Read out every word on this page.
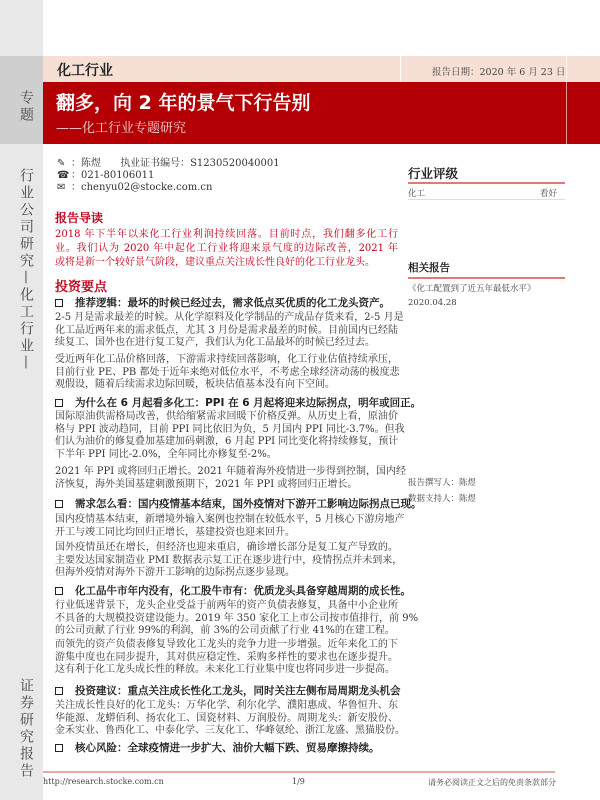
专题
行业公司研究—化工行业—
证券研究报告
化工行业	报告日期：2020 年 6 月 23 日
翻多，向 2 年的景气下行告别
——化工行业专题研究
✎ ：陈煜      执业证书编号：S1230520040001
☎ ：021-80106011
✉ ：chenyu02@stocke.com.cn
行业评级
化工	看好
相关报告
《化工配置到了近五年最低水平》
2020.04.28
报告撰写人：陈煜
数据支持人：陈煜
报告导读
投资要点
2018 年下半年以来化工行业利润持续回落。目前时点，我们翻多化工行
业。我们认为 2020 年中起化工行业将迎来景气度的边际改善，2021 年
或将是新一个较好景气阶段，建议重点关注成长性良好的化工行业龙头。
推荐逻辑：最坏的时候已经过去，需求低点买优质的化工龙头资产。
2-5 月是需求最差的时候。从化学原料及化学制品的产成品存货来看，2-5 月是
化工品近两年来的需求低点，尤其 3 月份是需求最差的时候。目前国内已经陆
续复工、国外也在进行复工复产，我们认为化工品最坏的时候已经过去。
受近两年化工品价格回落，下游需求持续回落影响，化工行业估值持续承压，
目前行业 PE、PB 都处于近年来绝对低位水平，不考虑全球经济动荡的极度悲
观假设，随着后续需求边际回暖，板块估值基本没有向下空间。
为什么在 6 月起看多化工：PPI 在 6 月起将迎来边际拐点，明年或回正。
国际原油供需格局改善，供给缩紧需求回暖下价格反弹。从历史上看，原油价
格与 PPI 波动趋同，目前 PPI 同比依旧为负，5 月国内 PPI 同比-3.7%。但我
们认为油价的修复叠加基建加码刺激，6 月起 PPI 同比变化将持续修复，预计
下半年 PPI 同比-2.0%，全年同比亦修复至-2%。
2021 年 PPI 或将回归正增长。2021 年随着海外疫情进一步得到控制，国内经
济恢复，海外美国基建刺激预期下，2021 年 PPI 或将回归正增长。
需求怎么看：国内疫情基本结束，国外疫情对下游开工影响边际拐点已现。
国内疫情基本结束，新增境外输入案例也控制在较低水平，5 月核心下游房地产
开工与竣工同比均回归正增长，基建投资也迎来回升。
国外疫情虽还在增长，但经济也迎来重启，确诊增长部分是复工复产导致的。
主要发达国家制造业 PMI 数据表示复工正在逐步进行中，疫情拐点并未到来，
但海外疫情对海外下游开工影响的边际拐点逐步显现。
化工品牛市年内没有，化工股牛市有：优质龙头具备穿越周期的成长性。
行业低迷背景下，龙头企业受益于前两年的资产负债表修复，具备中小企业所
不具备的大规模投资建设能力。2019 年 350 家化工上市公司按市值排行，前 9%
的公司贡献了行业 99%的利润，前 3%的公司贡献了行业 41%的在建工程。
而领先的资产负债表修复导致化工龙头的竞争力进一步增强。近年来化工的下
游集中度也在同步提升，其对供应稳定性、采购多样性的要求也在逐步提升。
这有利于化工龙头成长性的释放。未来化工行业集中度也将同步进一步提高。
投资建议：重点关注成长性化工龙头，同时关注左侧布局周期龙头机会
关注成长性良好的化工龙头：万华化学、利尔化学、濮阳惠成、华鲁恒升、东
华能源、龙蟒佰利、扬农化工、国瓷材料、万润股份。周期龙头：新安股份、
金禾实业、鲁西化工、中泰化学、三友化工、华峰氨纶、浙江龙盛、黑猫股份。
核心风险：全球疫情进一步扩大、油价大幅下跌、贸易摩擦持续。
http://research.stocke.com.cn	1/9	请务必阅读正文之后的免责条款部分
